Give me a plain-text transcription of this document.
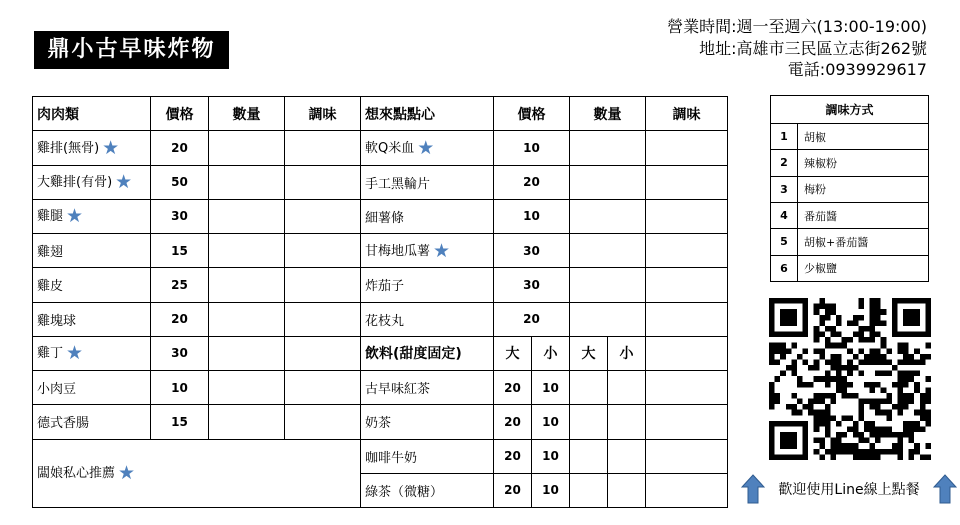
鼎小古早味炸物
營業時間:週一至週六(13:00-19:00)
地址:高雄市三民區立志街262號
電話:0939929617
肉肉類	價格	數量	調味	想來點點心	價格		數量		調味
雞排(無骨) ★	20			軟Q米血 ★	10				
大雞排(有骨) ★	50			手工黑輪片	20				
雞腿 ★	30			細薯條	10				
雞翅	15			甘梅地瓜薯 ★	30				
雞皮	25			炸茄子	30				
雞塊球	20			花枝丸	20				
雞丁 ★	30			飲料(甜度固定)	大	小	大	小	
小肉豆	10			古早味紅茶	20	10			
德式香腸	15			奶茶	20	10			
闆娘私心推薦 ★				咖啡牛奶	20	10			
				綠茶（微糖）	20	10			
調味方式	
1	胡椒
2	辣椒粉
3	梅粉
4	番茄醬
5	胡椒+番茄醬
6	少椒鹽
歡迎使用Line線上點餐
